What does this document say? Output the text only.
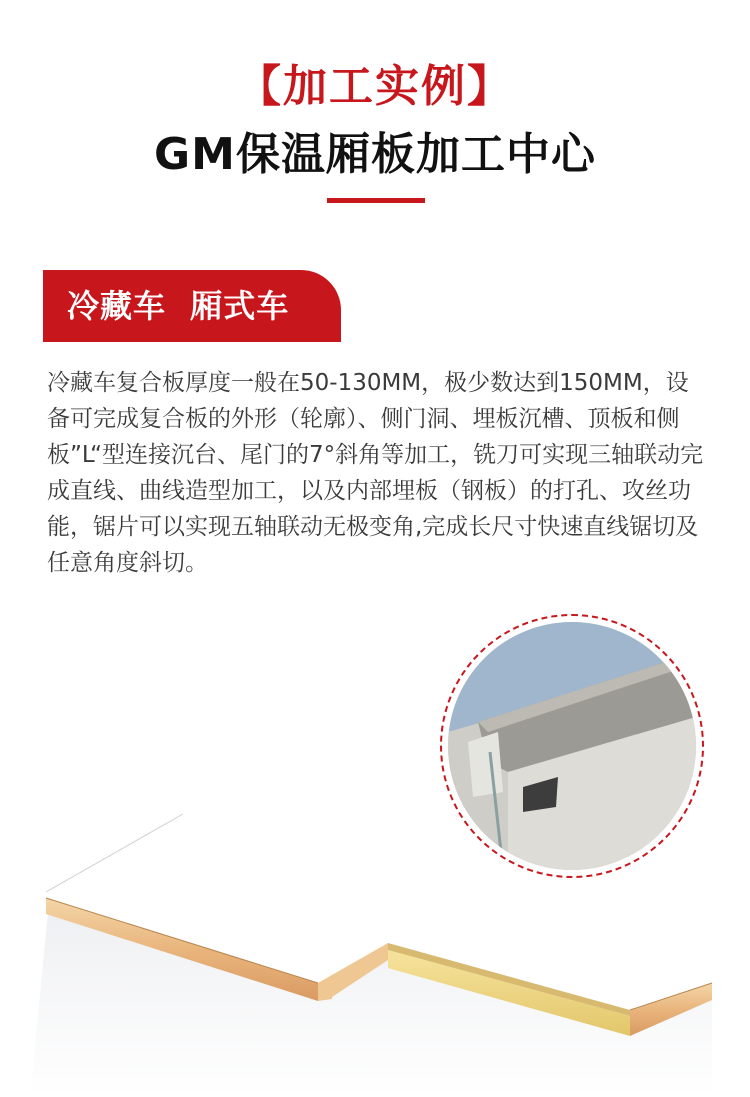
【加工实例】
GM保温厢板加工中心
冷藏车  厢式车

冷藏车复合板厚度一般在50-130MM，极少数达到150MM，设备可完成复合板的外形（轮廓）、侧门洞、埋板沉槽、顶板和侧板”L“型连接沉台、尾门的7°斜角等加工，铣刀可实现三轴联动完成直线、曲线造型加工，以及内部埋板（钢板）的打孔、攻丝功能，锯片可以实现五轴联动无极变角,完成长尺寸快速直线锯切及任意角度斜切。
